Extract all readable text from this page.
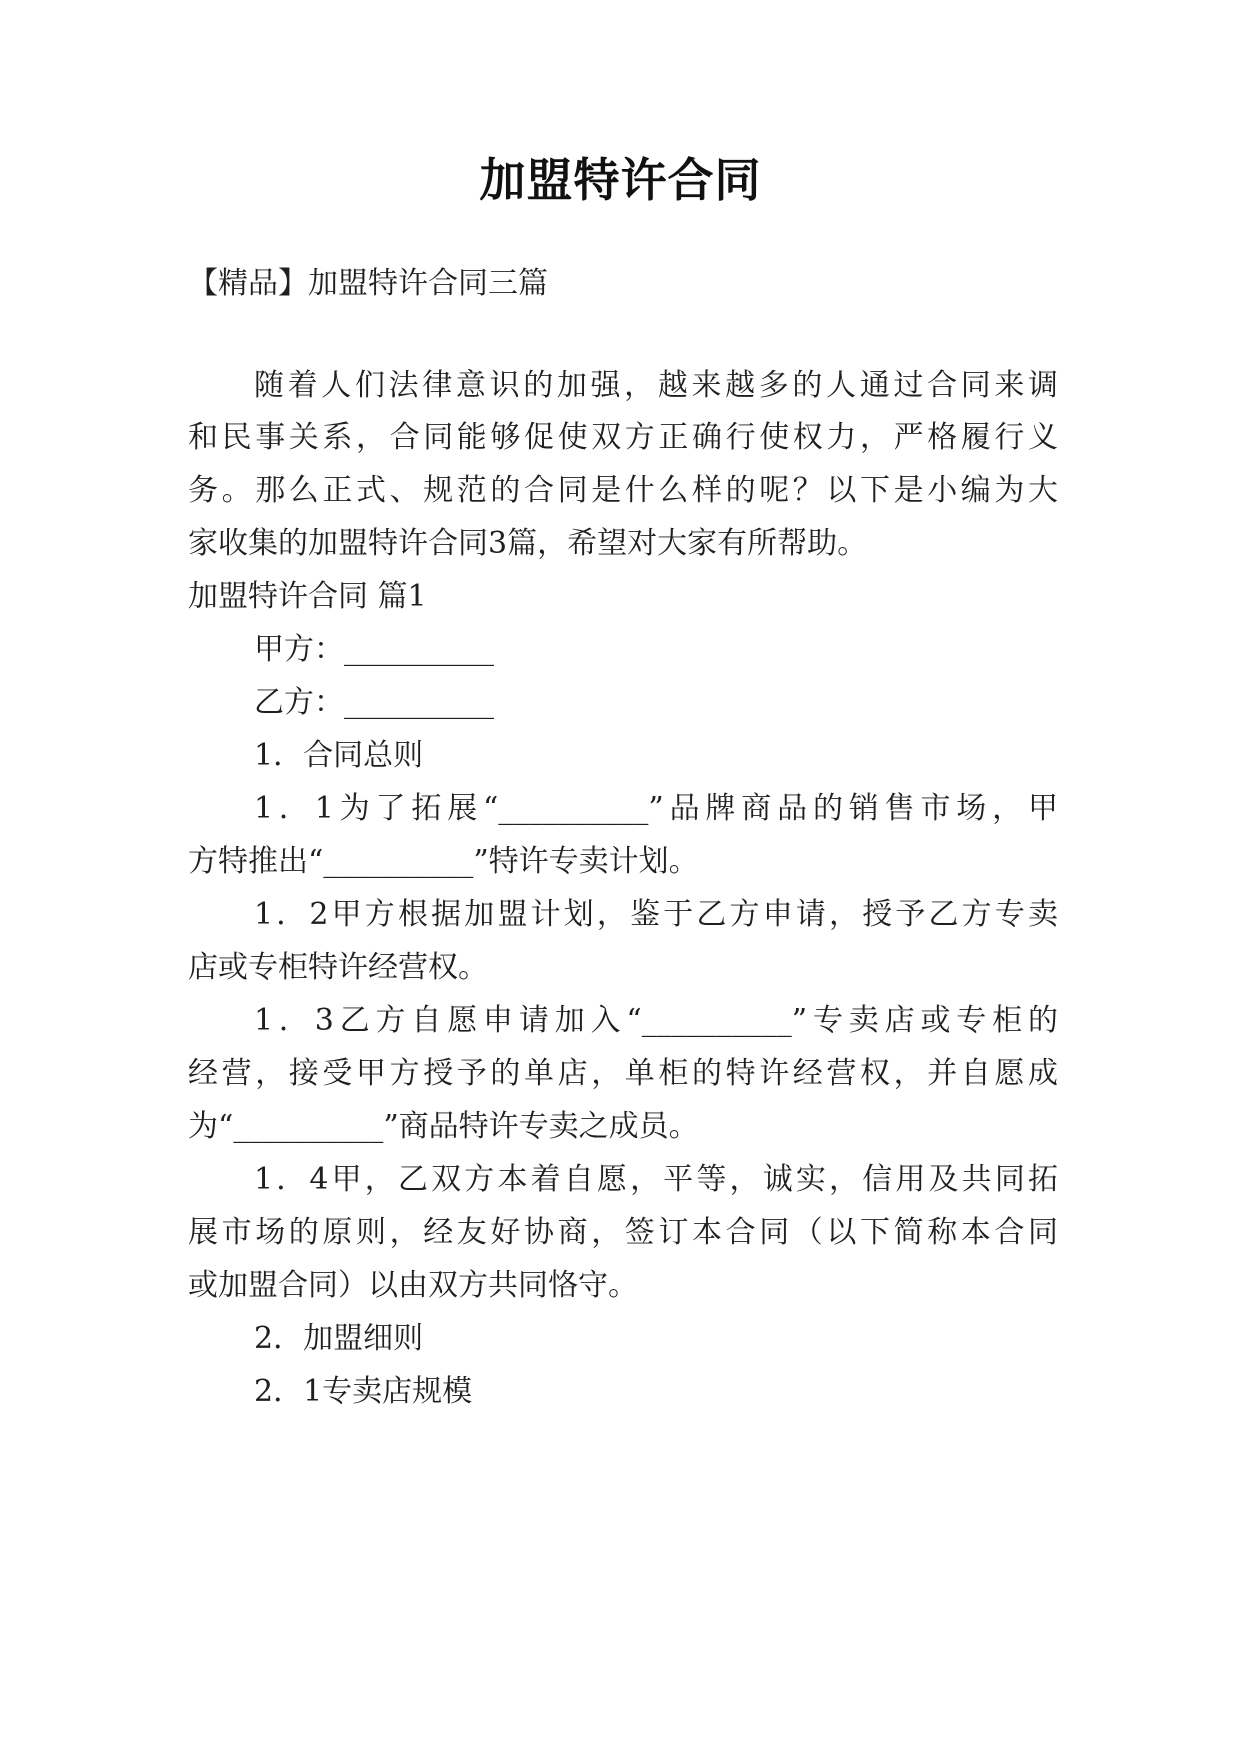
加盟特许合同
【精品】加盟特许合同三篇
随着人们法律意识的加强，越来越多的人通过合同来调
和民事关系，合同能够促使双方正确行使权力，严格履行义
务。那么正式、规范的合同是什么样的呢？以下是小编为大
家收集的加盟特许合同3篇，希望对大家有所帮助。
加盟特许合同 篇1
甲方：__________
乙方：__________
1．合同总则
1．1为了拓展“__________”品牌商品的销售市场，甲
方特推出“__________”特许专卖计划。
1．2甲方根据加盟计划，鉴于乙方申请，授予乙方专卖
店或专柜特许经营权。
1．3乙方自愿申请加入“__________”专卖店或专柜的
经营，接受甲方授予的单店，单柜的特许经营权，并自愿成
为“__________”商品特许专卖之成员。
1．4甲，乙双方本着自愿，平等，诚实，信用及共同拓
展市场的原则，经友好协商，签订本合同（以下简称本合同
或加盟合同）以由双方共同恪守。
2．加盟细则
2．1专卖店规模
